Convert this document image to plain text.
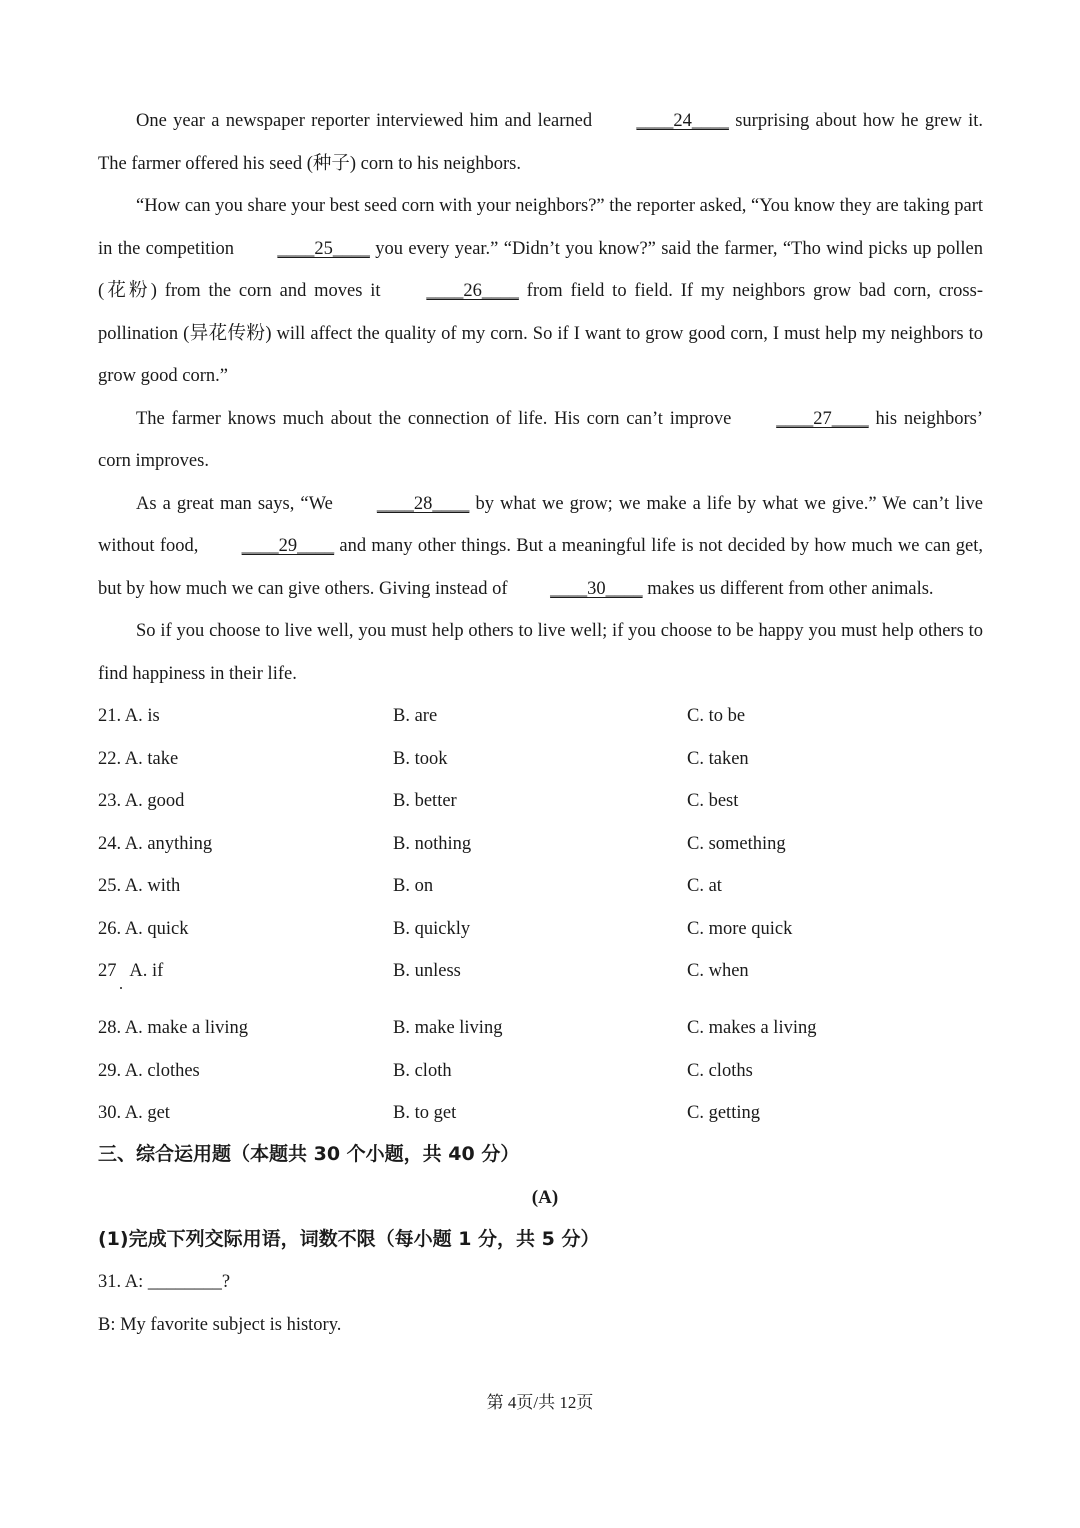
One year a newspaper reporter interviewed him and learned ____24____ surprising about how he grew it. The farmer offered his seed (种子) corn to his neighbors.

“How can you share your best seed corn with your neighbors?” the reporter asked, “You know they are taking part in the competition ____25____ you every year.” “Didn’t you know?” said the farmer, “Tho wind picks up pollen (花粉) from the corn and moves it ____26____ from field to field. If my neighbors grow bad corn, cross-pollination (异花传粉) will affect the quality of my corn. So if I want to grow good corn, I must help my neighbors to grow good corn.”

The farmer knows much about the connection of life. His corn can’t improve ____27____ his neighbors’ corn improves.

As a great man says, “We ____28____ by what we grow; we make a life by what we give.” We can’t live without food, ____29____ and many other things. But a meaningful life is not decided by how much we can get, but by how much we can give others. Giving instead of ____30____ makes us different from other animals.

So if you choose to live well, you must help others to live well; if you choose to be happy you must help others to find happiness in their life.

21. A. is	B. are	C. to be
22. A. take	B. took	C. taken
23. A. good	B. better	C. best
24. A. anything	B. nothing	C. something
25. A. with	B. on	C. at
26. A. quick	B. quickly	C. more quick
27   A. if	B. unless	C. when
28. A. make a living	B. make living	C. makes a living
29. A. clothes	B. cloth	C. cloths
30. A. get	B. to get	C. getting
三、综合运用题（本题共 30 个小题，共 40 分）
(A)
(1)完成下列交际用语，词数不限（每小题 1 分，共 5 分）
31. A: ________?
B: My favorite subject is history.
第 4页/共 12页
